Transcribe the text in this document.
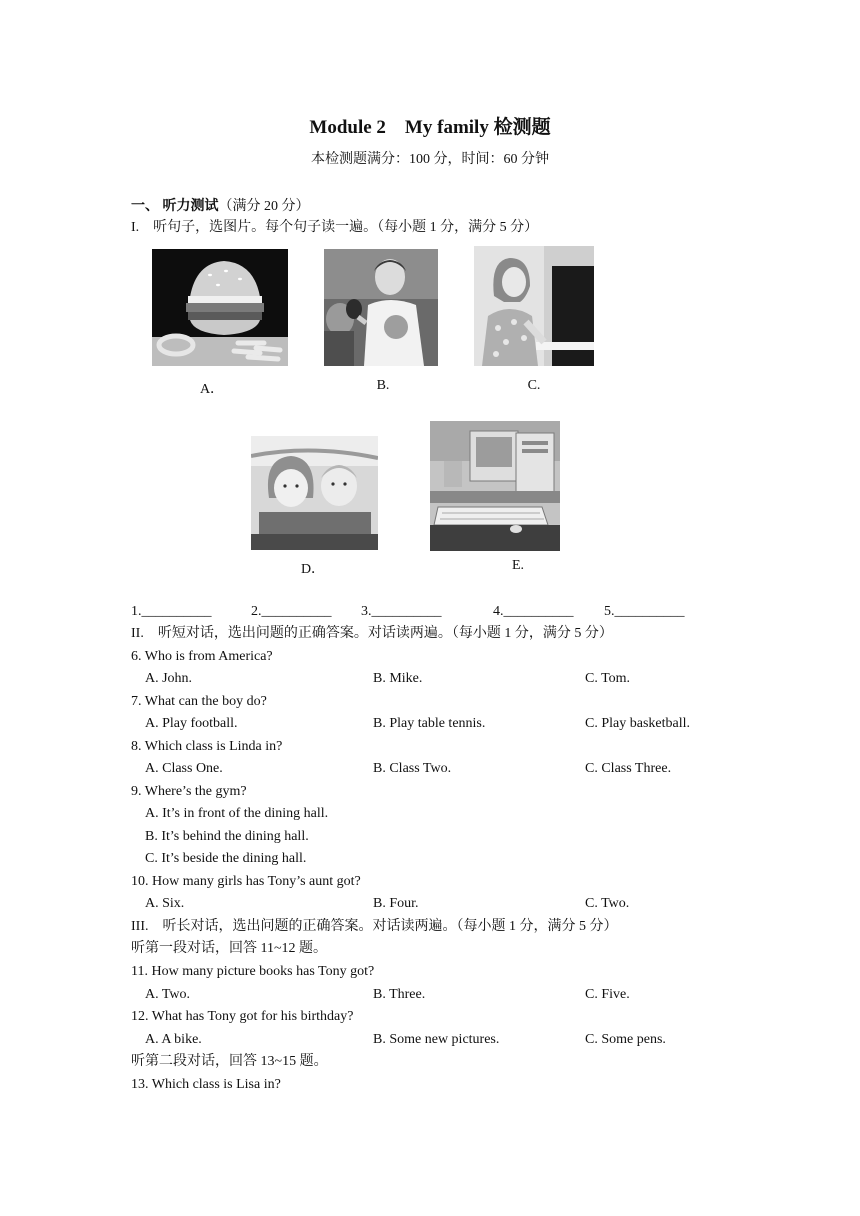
Module 2　My family 检测题
本检测题满分：100 分，时间：60 分钟
一、 听力测试（满分 20 分）
I.　听句子，选图片。每个句子读一遍。（每小题 1 分，满分 5 分）
A．	B.	C.
D．	E.
1.__________	2.__________ 3.__________	4.__________ 5.__________
II.　听短对话，选出问题的正确答案。对话读两遍。（每小题 1 分，满分 5 分）
6. Who is from America?
A. John.	B. Mike.	C. Tom.
7. What can the boy do?
A. Play football.	B. Play table tennis.	C. Play basketball.
8. Which class is Linda in?
A. Class One.	B. Class Two.	C. Class Three.
9. Where’s the gym?
A. It’s in front of the dining hall.
B. It’s behind the dining hall.
C. It’s beside the dining hall.
10. How many girls has Tony’s aunt got?
A. Six.	B. Four.	C. Two.
III.　听长对话，选出问题的正确答案。对话读两遍。（每小题 1 分，满分 5 分）
听第一段对话，回答 11~12 题。
11. How many picture books has Tony got?
A. Two.	B. Three.	C. Five.
12. What has Tony got for his birthday?
A. A bike.	B. Some new pictures.	C. Some pens.
听第二段对话，回答 13~15 题。
13. Which class is Lisa in?
